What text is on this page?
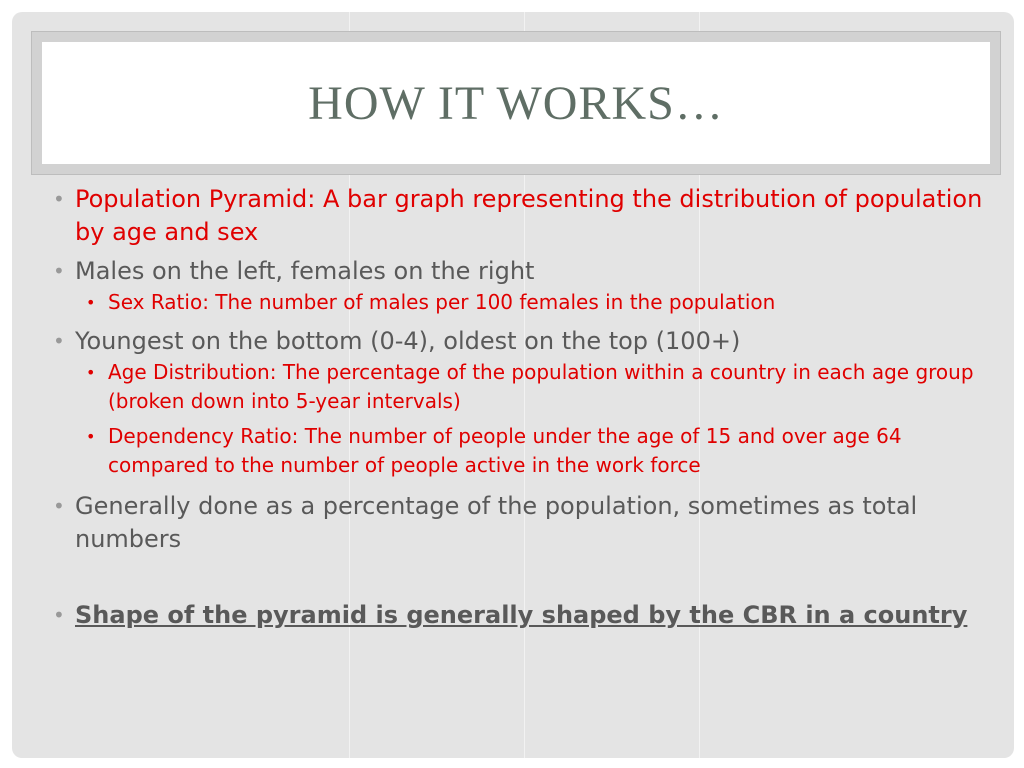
HOW IT WORKS…
• Population Pyramid: A bar graph representing the distribution of population by age and sex
• Males on the left, females on the right
• Sex Ratio: The number of males per 100 females in the population
• Youngest on the bottom (0-4), oldest on the top (100+)
• Age Distribution: The percentage of the population within a country in each age group (broken down into 5-year intervals)
• Dependency Ratio: The number of people under the age of 15 and over age 64 compared to the number of people active in the work force
• Generally done as a percentage of the population, sometimes as total numbers
• Shape of the pyramid is generally shaped by the CBR in a country
